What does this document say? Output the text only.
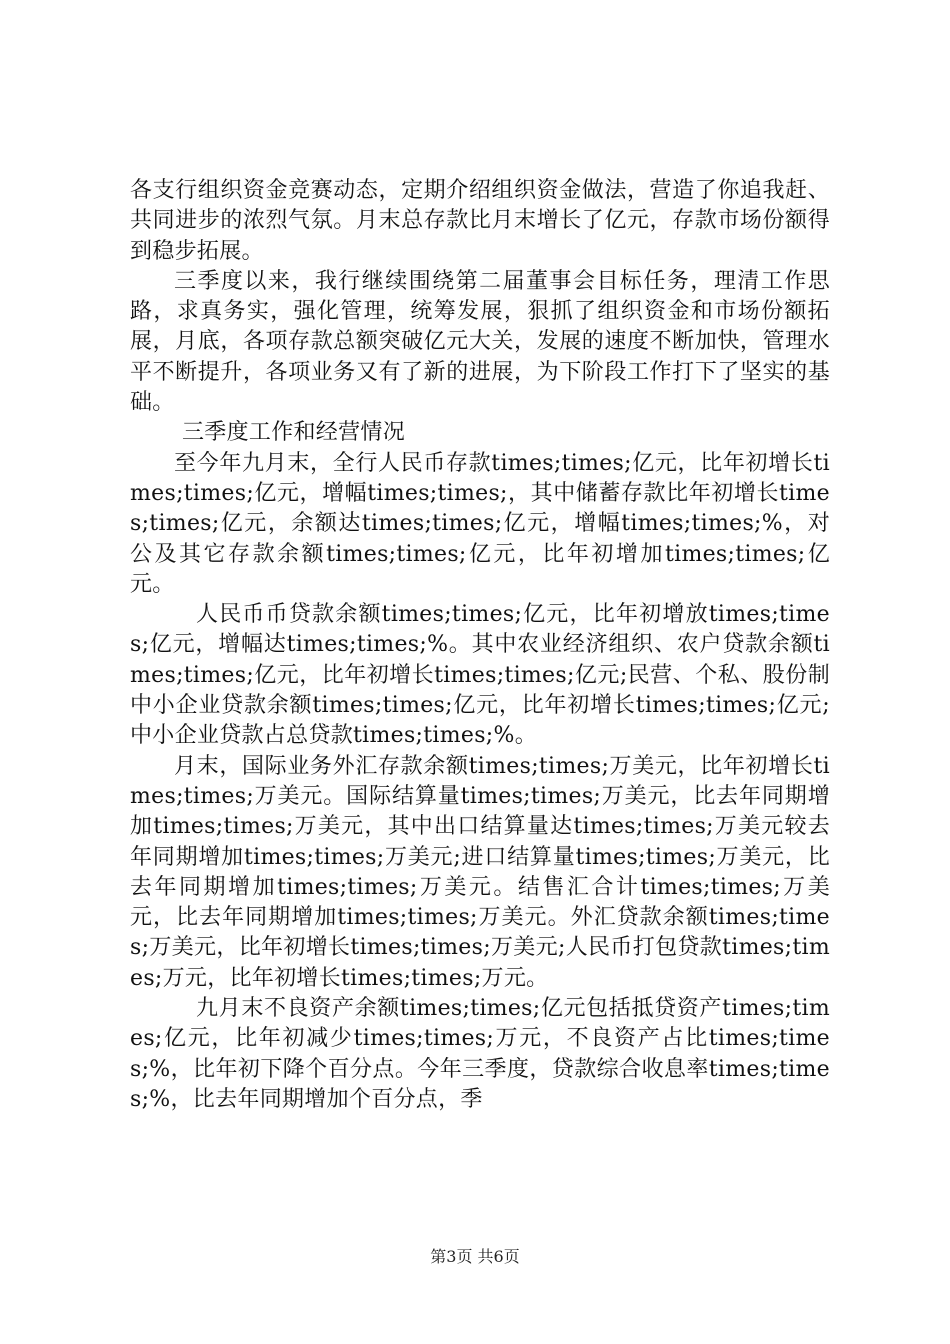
各支行组织资金竞赛动态，定期介绍组织资金做法，营造了你追我赶、共同进步的浓烈气氛。月末总存款比月末增长了亿元，存款市场份额得到稳步拓展。

三季度以来，我行继续围绕第二届董事会目标任务，理清工作思路，求真务实，强化管理，统筹发展，狠抓了组织资金和市场份额拓展，月底，各项存款总额突破亿元大关，发展的速度不断加快，管理水平不断提升，各项业务又有了新的进展，为下阶段工作打下了坚实的基础。

三季度工作和经营情况

至今年九月末，全行人民币存款times;times;亿元，比年初增长times;times;亿元，增幅times;times;，其中储蓄存款比年初增长times;times;亿元，余额达times;times;亿元，增幅times;times;%，对公及其它存款余额times;times;亿元，比年初增加times;times;亿元。

人民币币贷款余额times;times;亿元，比年初增放times;times;亿元，增幅达times;times;%。其中农业经济组织、农户贷款余额times;times;亿元，比年初增长times;times;亿元;民营、个私、股份制中小企业贷款余额times;times;亿元，比年初增长times;times;亿元;中小企业贷款占总贷款times;times;%。

月末，国际业务外汇存款余额times;times;万美元，比年初增长times;times;万美元。国际结算量times;times;万美元，比去年同期增加times;times;万美元，其中出口结算量达times;times;万美元较去年同期增加times;times;万美元;进口结算量times;times;万美元，比去年同期增加times;times;万美元。结售汇合计times;times;万美元，比去年同期增加times;times;万美元。外汇贷款余额times;times;万美元，比年初增长times;times;万美元;人民币打包贷款times;times;万元，比年初增长times;times;万元。

九月末不良资产余额times;times;亿元包括抵贷资产times;times;亿元，比年初减少times;times;万元，不良资产占比times;times;%，比年初下降个百分点。今年三季度，贷款综合收息率times;times;%，比去年同期增加个百分点，季

第3页 共6页
